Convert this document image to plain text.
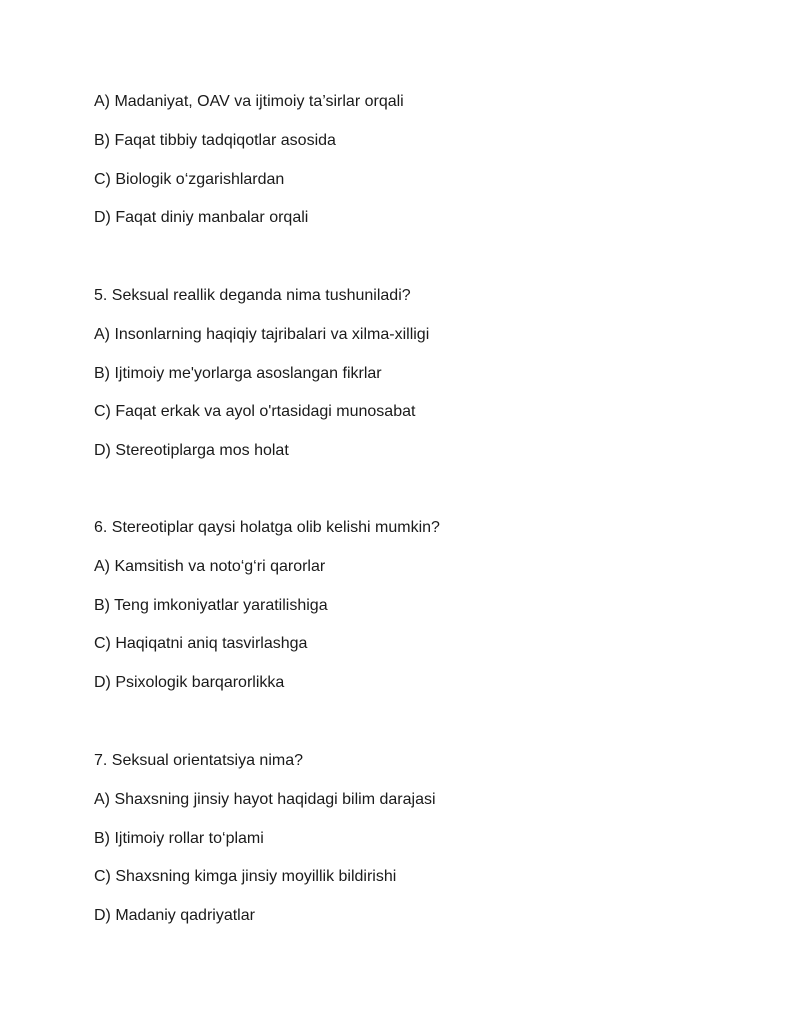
A) Madaniyat, OAV va ijtimoiy ta’sirlar orqali
B) Faqat tibbiy tadqiqotlar asosida
C) Biologik o‘zgarishlardan
D) Faqat diniy manbalar orqali
5. Seksual reallik deganda nima tushuniladi?
A) Insonlarning haqiqiy tajribalari va xilma-xilligi
B) Ijtimoiy me'yorlarga asoslangan fikrlar
C) Faqat erkak va ayol o'rtasidagi munosabat
D) Stereotiplarga mos holat
6. Stereotiplar qaysi holatga olib kelishi mumkin?
A) Kamsitish va noto‘g‘ri qarorlar
B) Teng imkoniyatlar yaratilishiga
C) Haqiqatni aniq tasvirlashga
D) Psixologik barqarorlikka
7. Seksual orientatsiya nima?
A) Shaxsning jinsiy hayot haqidagi bilim darajasi
B) Ijtimoiy rollar to‘plami
C) Shaxsning kimga jinsiy moyillik bildirishi
D) Madaniy qadriyatlar
